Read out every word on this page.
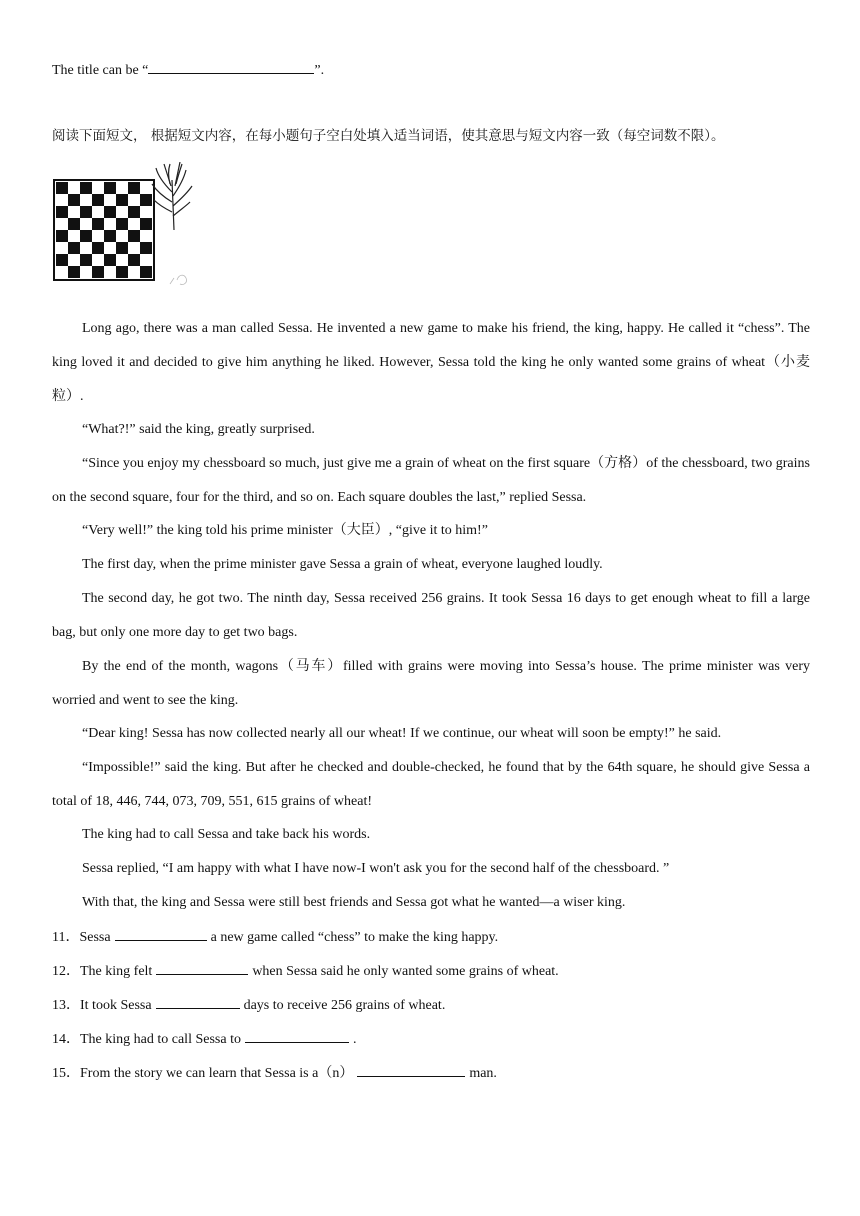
The title can be “	”.
阅读下面短文， 根据短文内容，在每小题句子空白处填入适当词语，使其意思与短文内容一致（每空词数不限）。
Long ago, there was a man called Sessa. He invented a new game to make his friend, the king, happy. He called it “chess”. The king loved it and decided to give him anything he liked. However, Sessa told the king he only wanted some grains of wheat（小麦粒）.
“What?!” said the king, greatly surprised.
“Since you enjoy my chessboard so much, just give me a grain of wheat on the first square（方格）of the chessboard, two grains on the second square, four for the third, and so on. Each square doubles the last,” replied Sessa.
“Very well!” the king told his prime minister（大臣）, “give it to him!”
The first day, when the prime minister gave Sessa a grain of wheat, everyone laughed loudly.
The second day, he got two. The ninth day, Sessa received 256 grains. It took Sessa 16 days to get enough wheat to fill a large bag, but only one more day to get two bags.
By the end of the month, wagons（马车）filled with grains were moving into Sessa’s house. The prime minister was very worried and went to see the king.
“Dear king! Sessa has now collected nearly all our wheat! If we continue, our wheat will soon be empty!” he said.
“Impossible!” said the king. But after he checked and double-checked, he found that by the 64th square, he should give Sessa a total of 18, 446, 744, 073, 709, 551, 615 grains of wheat!
The king had to call Sessa and take back his words.
Sessa replied, “I am happy with what I have now-I won't ask you for the second half of the chessboard. ”
With that, the king and Sessa were still best friends and Sessa got what he wanted—a wiser king.
11．Sessa	a new game called “chess” to make the king happy.
12．The king felt	when Sessa said he only wanted some grains of wheat.
13．It took Sessa	days to receive 256 grains of wheat.
14．The king had to call Sessa to	.
15．From the story we can learn that Sessa is a（n）	man.
